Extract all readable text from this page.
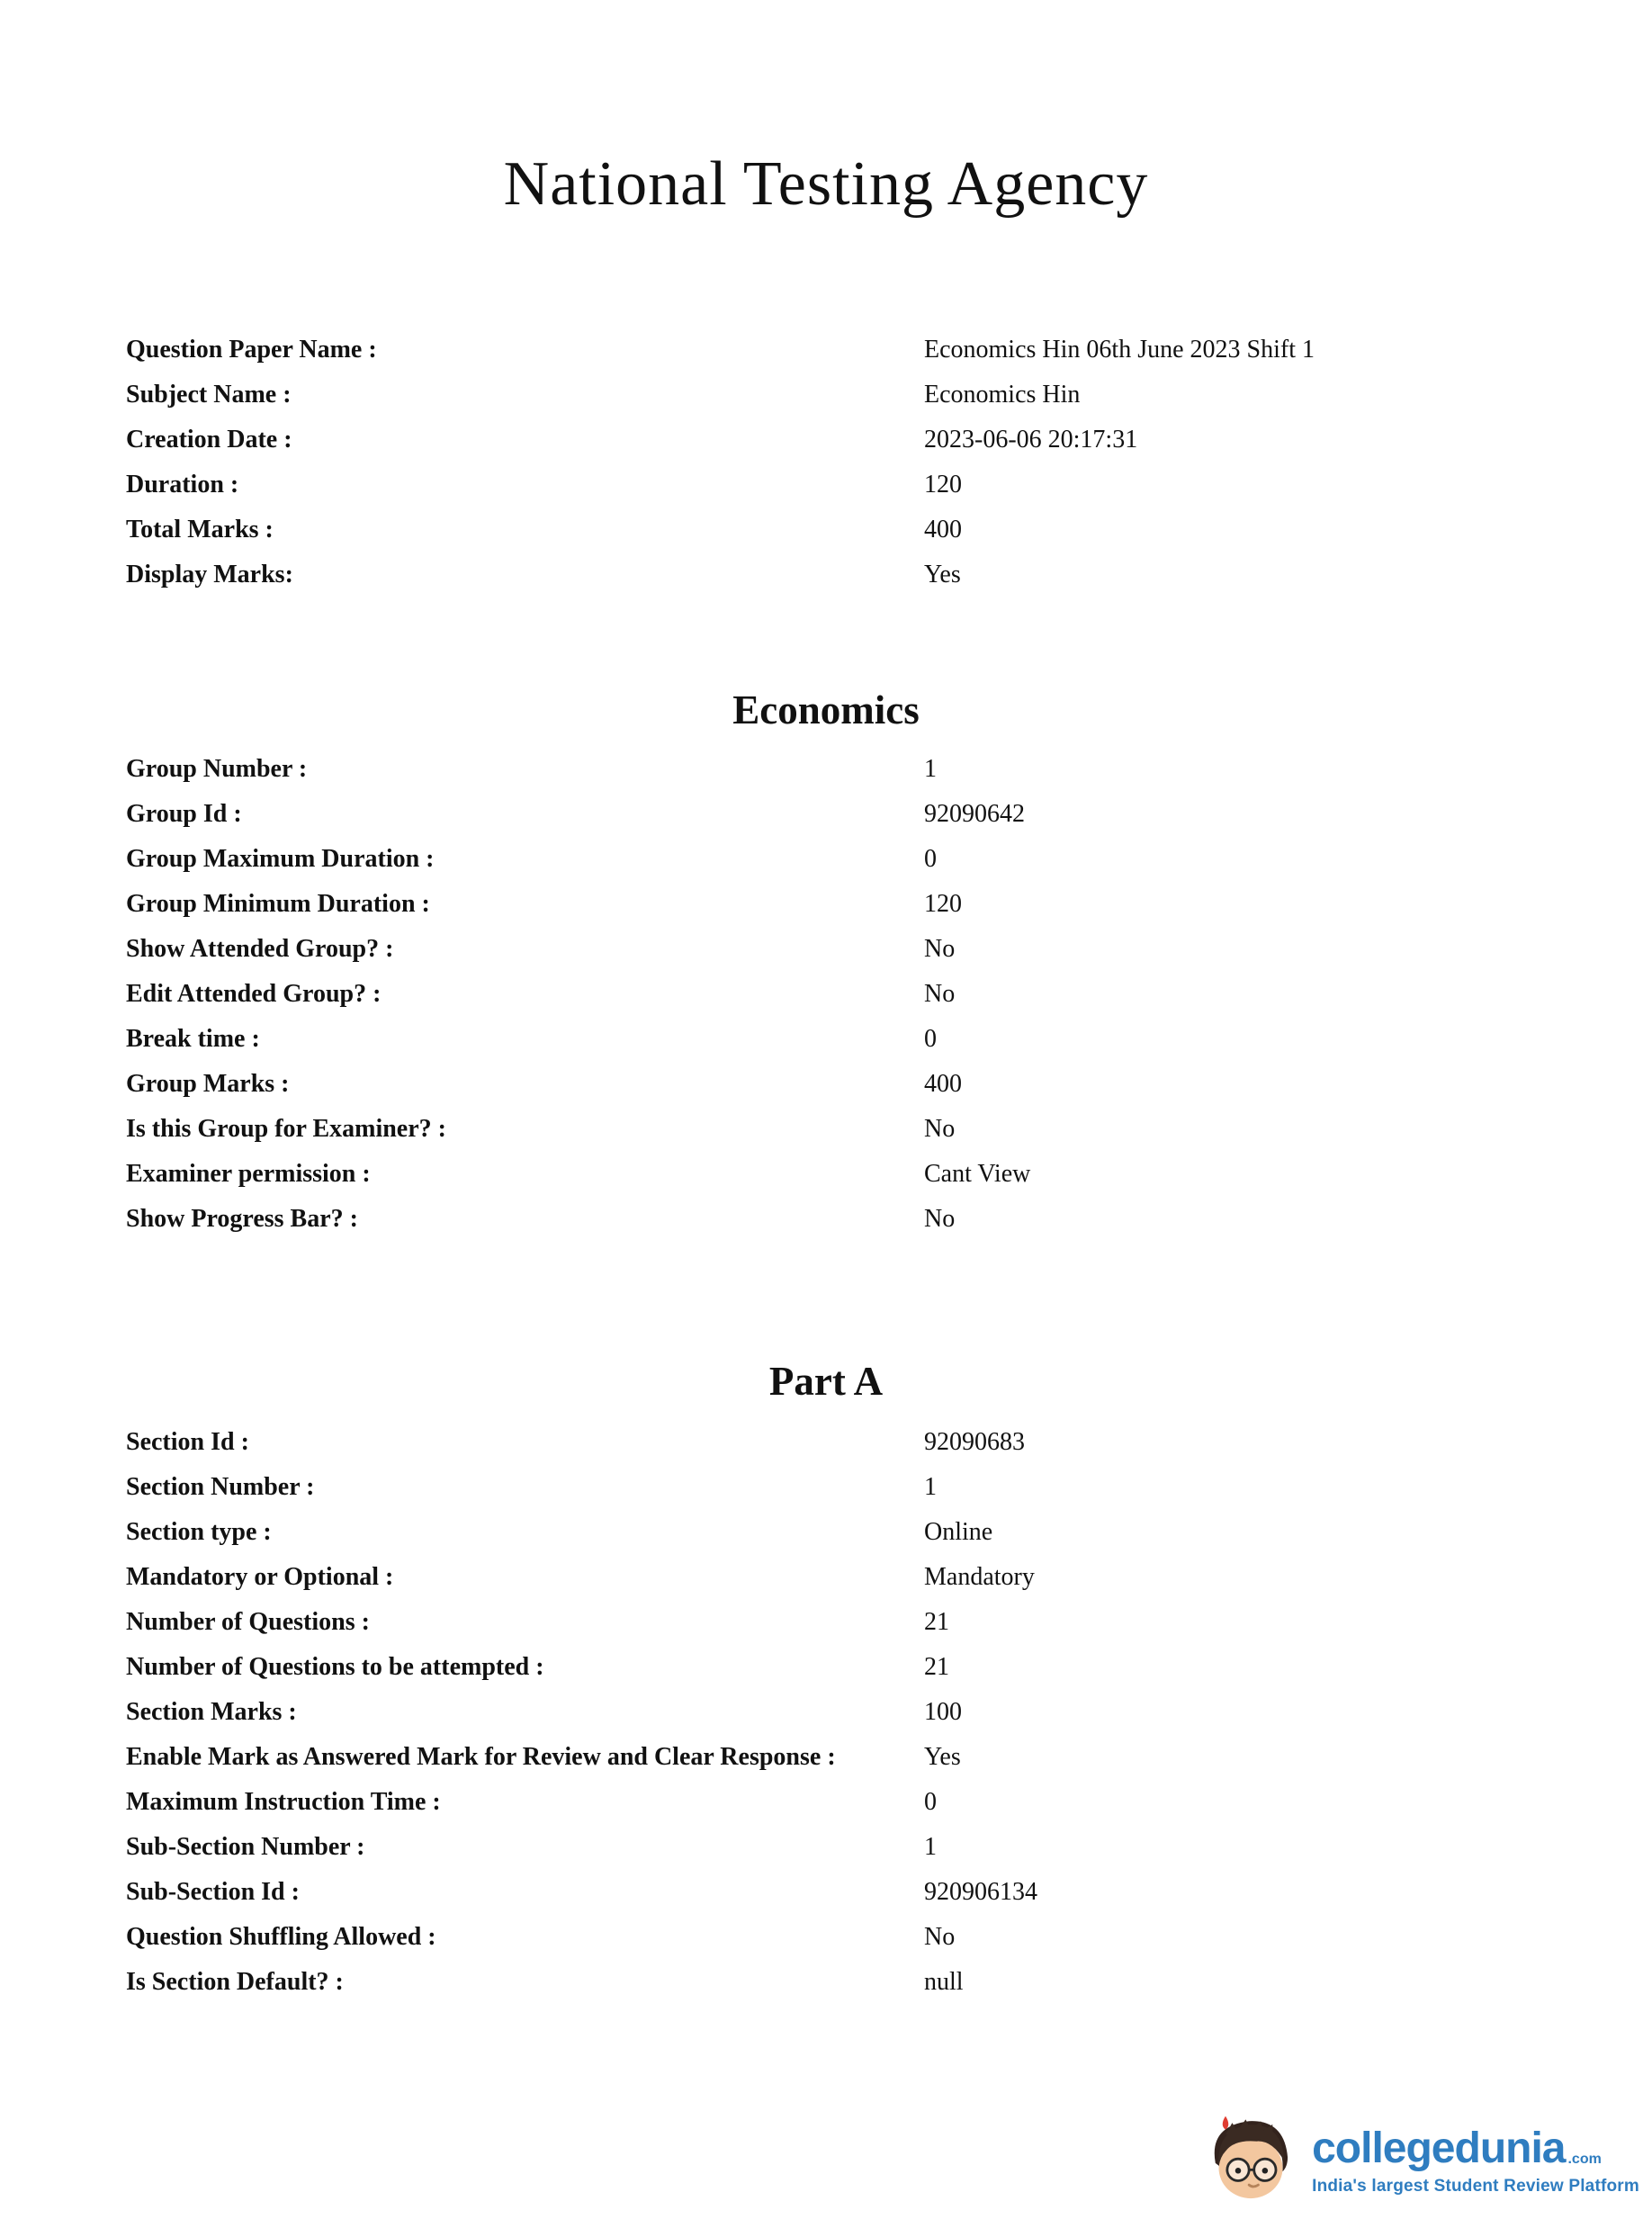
National Testing Agency
Question Paper Name :	Economics Hin 06th June 2023 Shift 1
Subject Name :	Economics Hin
Creation Date :	2023-06-06 20:17:31
Duration :	120
Total Marks :	400
Display Marks:	Yes
Economics
Group Number :	1
Group Id :	92090642
Group Maximum Duration :	0
Group Minimum Duration :	120
Show Attended Group? :	No
Edit Attended Group? :	No
Break time :	0
Group Marks :	400
Is this Group for Examiner? :	No
Examiner permission :	Cant View
Show Progress Bar? :	No
Part A
Section Id :	92090683
Section Number :	1
Section type :	Online
Mandatory or Optional :	Mandatory
Number of Questions :	21
Number of Questions to be attempted :	21
Section Marks :	100
Enable Mark as Answered Mark for Review and Clear Response :	Yes
Maximum Instruction Time :	0
Sub-Section Number :	1
Sub-Section Id :	920906134
Question Shuffling Allowed :	No
Is Section Default? :	null
collegedunia .com
India's largest Student Review Platform
